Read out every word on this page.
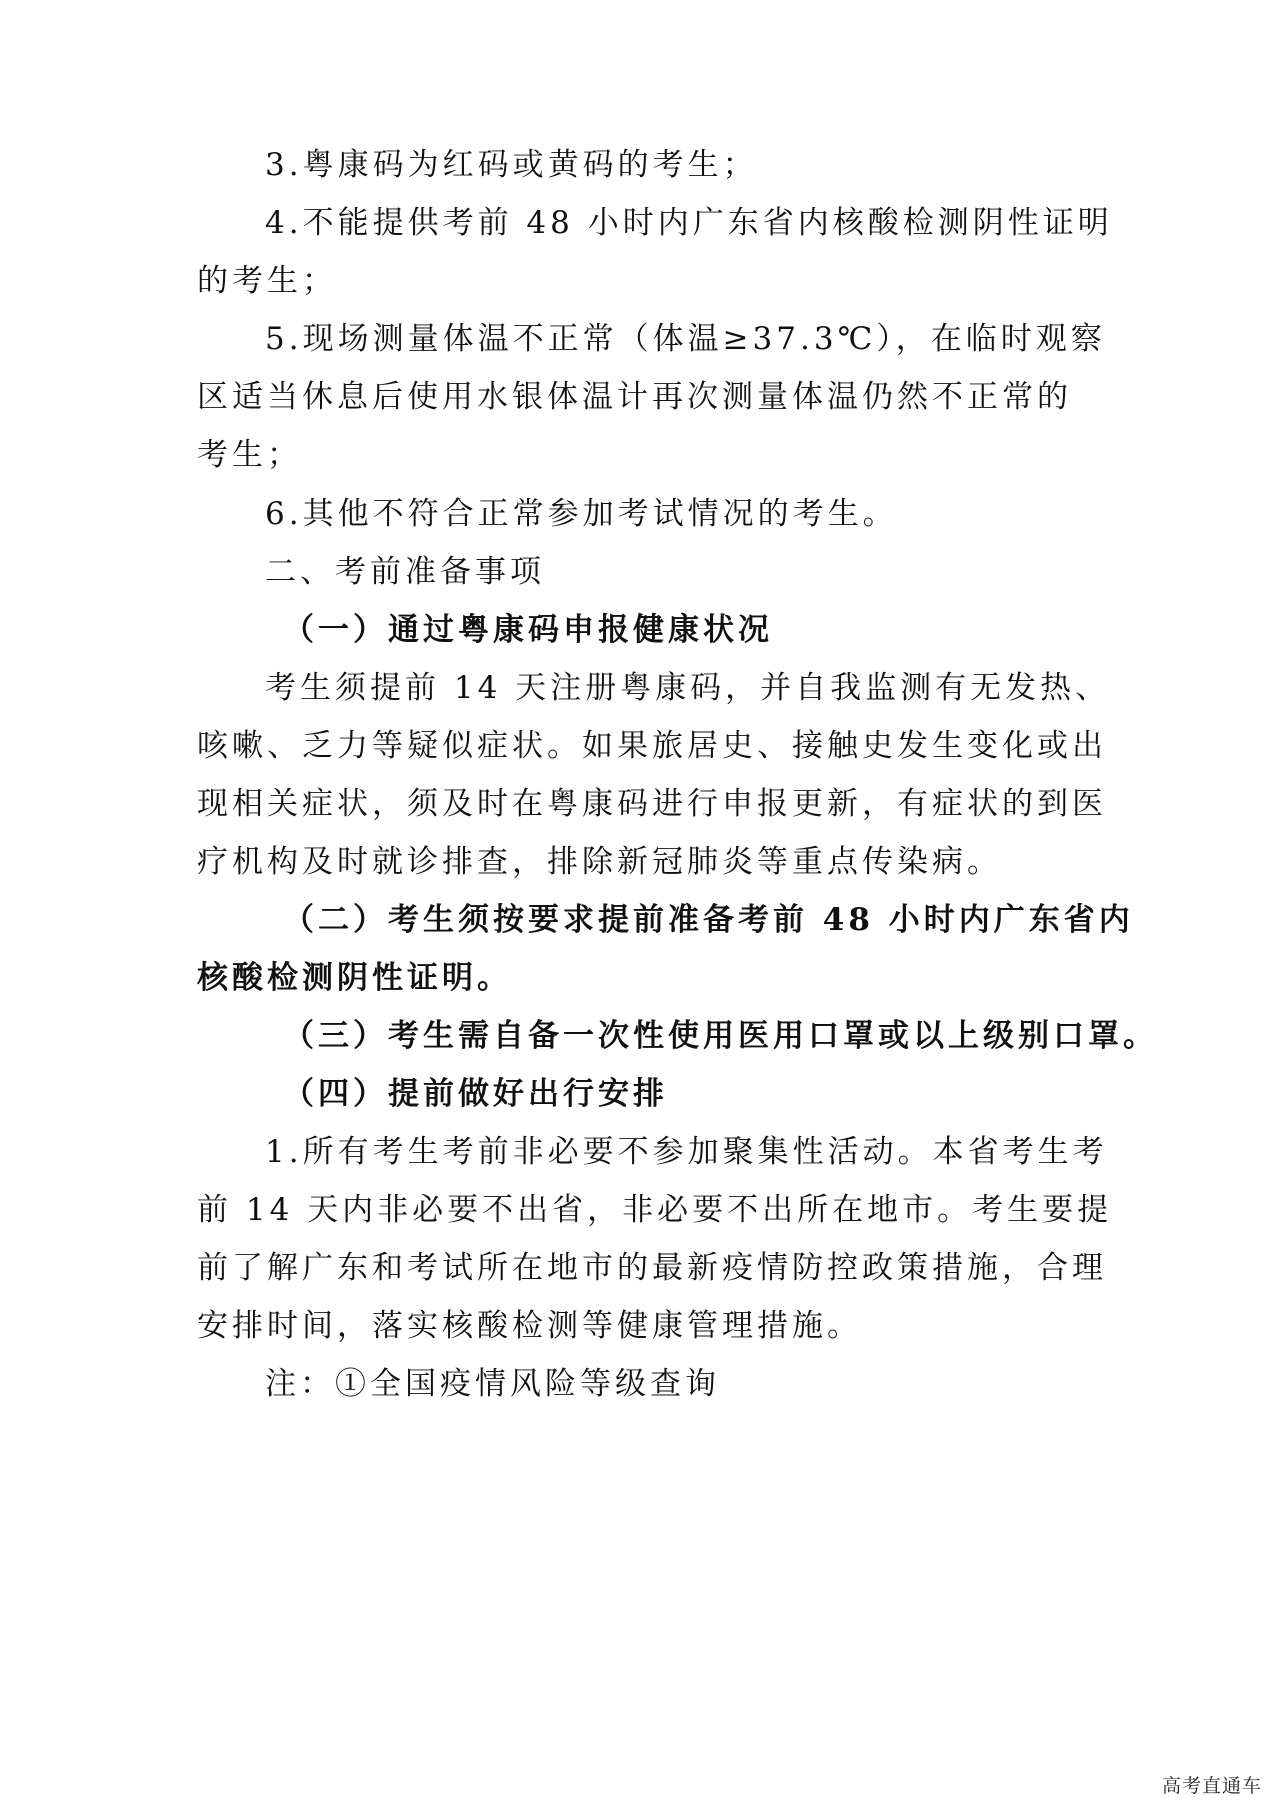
3.粤康码为红码或黄码的考生；
4.不能提供考前 48 小时内广东省内核酸检测阴性证明
的考生；
5.现场测量体温不正常（体温≥37.3℃），在临时观察
区适当休息后使用水银体温计再次测量体温仍然不正常的
考生；
6.其他不符合正常参加考试情况的考生。
二、考前准备事项
（一）通过粤康码申报健康状况
考生须提前 14 天注册粤康码，并自我监测有无发热、
咳嗽、乏力等疑似症状。如果旅居史、接触史发生变化或出
现相关症状，须及时在粤康码进行申报更新，有症状的到医
疗机构及时就诊排查，排除新冠肺炎等重点传染病。
（二）考生须按要求提前准备考前 48 小时内广东省内
核酸检测阴性证明。
（三）考生需自备一次性使用医用口罩或以上级别口罩。
（四）提前做好出行安排
1.所有考生考前非必要不参加聚集性活动。本省考生考
前 14 天内非必要不出省，非必要不出所在地市。考生要提
前了解广东和考试所在地市的最新疫情防控政策措施，合理
安排时间，落实核酸检测等健康管理措施。
注：①全国疫情风险等级查询
高考直通车
